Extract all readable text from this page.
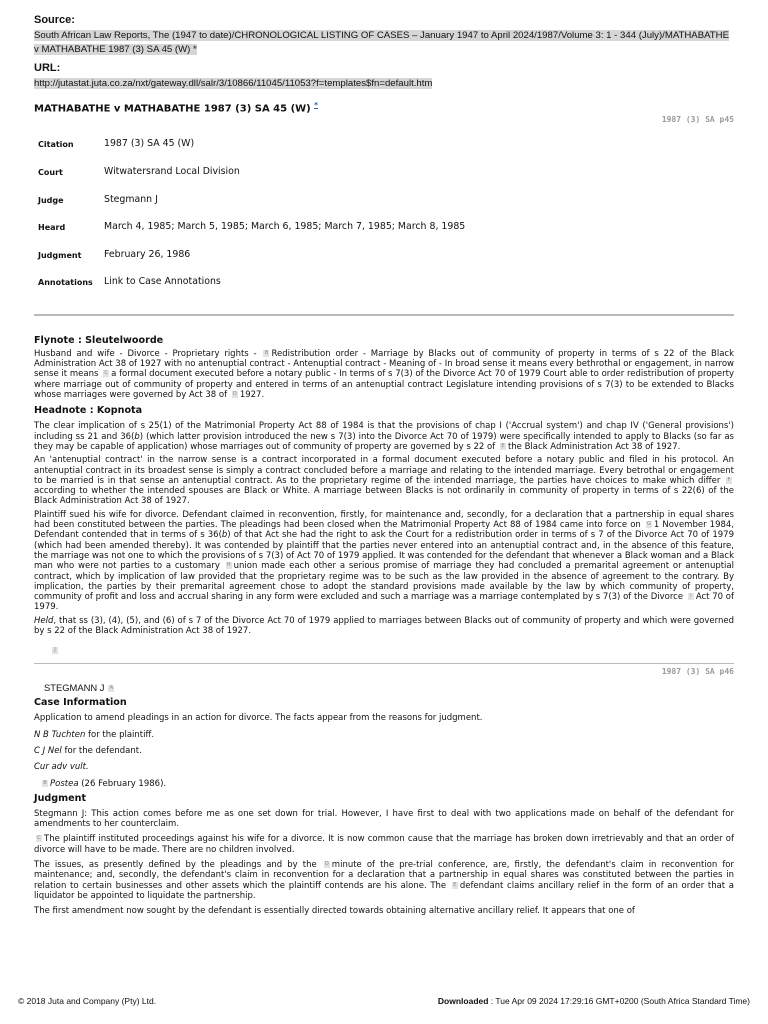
Source:
South African Law Reports, The (1947 to date)/CHRONOLOGICAL LISTING OF CASES – January 1947 to April 2024/1987/Volume 3: 1 - 344 (July)/MATHABATHE v MATHABATHE 1987 (3) SA 45 (W) *
URL:
http://jutastat.juta.co.za/nxt/gateway.dll/salr/3/10866/11045/11053?f=templates$fn=default.htm
MATHABATHE v MATHABATHE 1987 (3) SA 45 (W) *
1987 (3) SA p45
Citation	1987 (3) SA 45 (W)
Court	Witwatersrand Local Division
Judge	Stegmann J
Heard	March 4, 1985; March 5, 1985; March 6, 1985; March 7, 1985; March 8, 1985
Judgment	February 26, 1986
Annotations	Link to Case Annotations
Flynote : Sleutelwoorde

Husband and wife - Divorce - Proprietary rights - B Redistribution order - Marriage by Blacks out of community of property in terms of s 22 of the Black Administration Act 38 of 1927 with no antenuptial contract - Antenuptial contract - Meaning of - In broad sense it means every bethrothal or engagement, in narrow sense it means C a formal document executed before a notary public - In terms of s 7(3) of the Divorce Act 70 of 1979 Court able to order redistribution of property where marriage out of community of property and entered in terms of an antenuptial contract Legislature intending provisions of s 7(3) to be extended to Blacks whose marriages were governed by Act 38 of D 1927.

Headnote : Kopnota

The clear implication of s 25(1) of the Matrimonial Property Act 88 of 1984 is that the provisions of chap I ('Accrual system') and chap IV ('General provisions') including ss 21 and 36(b) (which latter provision introduced the new s 7(3) into the Divorce Act 70 of 1979) were specifically intended to apply to Blacks (so far as they may be capable of application) whose marriages out of community of property are governed by s 22 of E the Black Administration Act 38 of 1927.

An 'antenuptial contract' in the narrow sense is a contract incorporated in a formal document executed before a notary public and filed in his protocol. An antenuptial contract in its broadest sense is simply a contract concluded before a marriage and relating to the intended marriage. Every betrothal or engagement to be married is in that sense an antenuptial contract. As to the proprietary regime of the intended marriage, the parties have choices to make which differ Faccording to whether the intended spouses are Black or White. A marriage between Blacks is not ordinarily in community of property in terms of s 22(6) of the Black Administration Act 38 of 1927.

Plaintiff sued his wife for divorce. Defendant claimed in reconvention, firstly, for maintenance and, secondly, for a declaration that a partnership in equal shares had been constituted between the parties. The pleadings had been closed when the Matrimonial Property Act 88 of 1984 came into force on G 1 November 1984, Defendant contended that in terms of s 36(b) of that Act she had the right to ask the Court for a redistribution order in terms of s 7 of the Divorce Act 70 of 1979 (which had been amended thereby). It was contended by plaintiff that the parties never entered into an antenuptial contract and, in the absence of this feature, the marriage was not one to which the provisions of s 7(3) of Act 70 of 1979 applied. It was contended for the defendant that whenever a Black woman and a Black man who were not parties to a customary H union made each other a serious promise of marriage they had concluded a premarital agreement or antenuptial contract, which by implication of law provided that the proprietary regime was to be such as the law provided in the absence of agreement to the contrary. By implication, the parties by their premarital agreement chose to adopt the standard provisions made available by the law by which community of property, community of profit and loss and accrual sharing in any form were excluded and such a marriage was a marriage contemplated by s 7(3) of the Divorce I Act 70 of 1979.

Held, that ss (3), (4), (5), and (6) of s 7 of the Divorce Act 70 of 1979 applied to marriages between Blacks out of community of property and which were governed by s 22 of the Black Administration Act 38 of 1927.

J
1987 (3) SA p46
STEGMANN J A
Case Information

Application to amend pleadings in an action for divorce. The facts appear from the reasons for judgment.

N B Tuchten for the plaintiff.

C J Nel for the defendant.

Cur adv vult.

B Postea (26 February 1986).

Judgment

Stegmann J: This action comes before me as one set down for trial. However, I have first to deal with two applications made on behalf of the defendant for amendments to her counterclaim.

C The plaintiff instituted proceedings against his wife for a divorce. It is now common cause that the marriage has broken down irretrievably and that an order of divorce will have to be made. There are no children involved.

The issues, as presently defined by the pleadings and by the D minute of the pre-trial conference, are, firstly, the defendant's claim in reconvention for maintenance; and, secondly, the defendant's claim in reconvention for a declaration that a partnership in equal shares was constituted between the parties in relation to certain businesses and other assets which the plaintiff contends are his alone. The E defendant claims ancillary relief in the form of an order that a liquidator be appointed to liquidate the partnership.

The first amendment now sought by the defendant is essentially directed towards obtaining alternative ancillary relief. It appears that one of

© 2018 Juta and Company (Pty) Ltd.	Downloaded : Tue Apr 09 2024 17:29:16 GMT+0200 (South Africa Standard Time)
